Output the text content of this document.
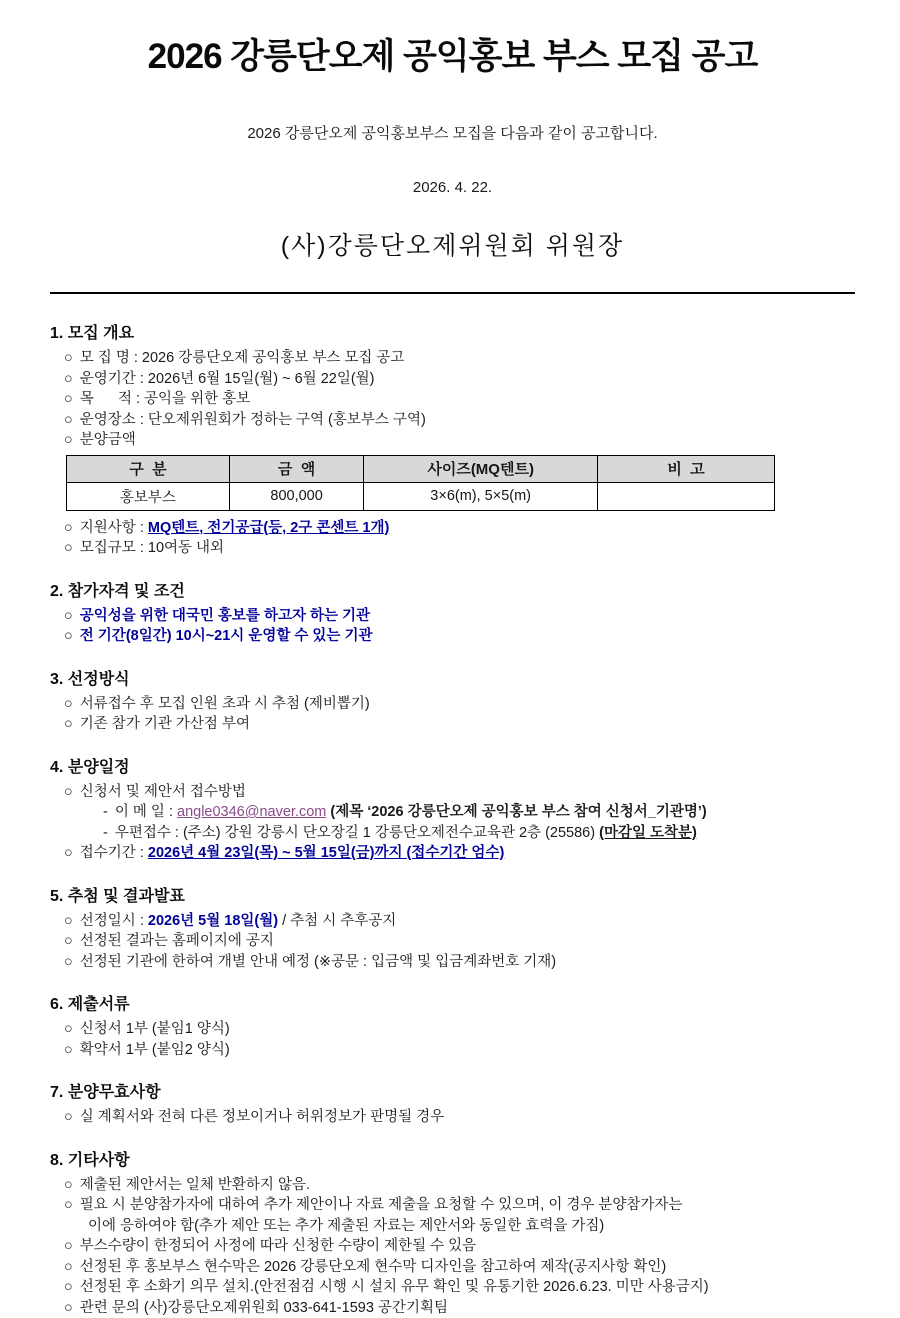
2026 강릉단오제 공익홍보 부스 모집 공고

2026 강릉단오제 공익홍보부스 모집을 다음과 같이 공고합니다.

2026. 4. 22.

(사)강릉단오제위원회 위원장

1. 모집 개요
○ 모 집 명 : 2026 강릉단오제 공익홍보 부스 모집 공고
○ 운영기간 : 2026년 6월 15일(월) ~ 6월 22일(월)
○ 목      적 : 공익을 위한 홍보
○ 운영장소 : 단오제위원회가 정하는 구역 (홍보부스 구역)
○ 분양금액
구  분	금  액	사이즈(MQ텐트)	비  고
홍보부스	800,000	3×6(m), 5×5(m)	
○ 지원사항 : MQ텐트, 전기공급(등, 2구 콘센트 1개)
○ 모집규모 : 10여동 내외
2. 참가자격 및 조건
○ 공익성을 위한 대국민 홍보를 하고자 하는 기관
○ 전 기간(8일간) 10시~21시 운영할 수 있는 기관
3. 선정방식
○ 서류접수 후 모집 인원 초과 시 추첨 (제비뽑기)
○ 기존 참가 기관 가산점 부여
4. 분양일정
○ 신청서 및 제안서 접수방법
- 이 메 일 : angle0346@naver.com (제목 ‘2026 강릉단오제 공익홍보 부스 참여 신청서_기관명’)
- 우편접수 : (주소) 강원 강릉시 단오장길 1 강릉단오제전수교육관 2층 (25586) (마감일 도착분)
○ 접수기간 : 2026년 4월 23일(목) ~ 5월 15일(금)까지 (접수기간 엄수)
5. 추첨 및 결과발표
○ 선정일시 : 2026년 5월 18일(월) / 추첨 시 추후공지
○ 선정된 결과는 홈페이지에 공지
○ 선정된 기관에 한하여 개별 안내 예정 (※공문 : 입금액 및 입금계좌번호 기재)
6. 제출서류
○ 신청서 1부 (붙임1 양식)
○ 확약서 1부 (붙임2 양식)
7. 분양무효사항
○ 실 계획서와 전혀 다른 정보이거나 허위정보가 판명될 경우
8. 기타사항
○ 제출된 제안서는 일체 반환하지 않음.
○ 필요 시 분양참가자에 대하여 추가 제안이나 자료 제출을 요청할 수 있으며, 이 경우 분양참가자는
이에 응하여야 함(추가 제안 또는 추가 제출된 자료는 제안서와 동일한 효력을 가짐)
○ 부스수량이 한정되어 사정에 따라 신청한 수량이 제한될 수 있음
○ 선정된 후 홍보부스 현수막은 2026 강릉단오제 현수막 디자인을 참고하여 제작(공지사항 확인)
○ 선정된 후 소화기 의무 설치.(안전점검 시행 시 설치 유무 확인 및 유통기한 2026.6.23. 미만 사용금지)
○ 관련 문의 (사)강릉단오제위원회 033-641-1593 공간기획팀
